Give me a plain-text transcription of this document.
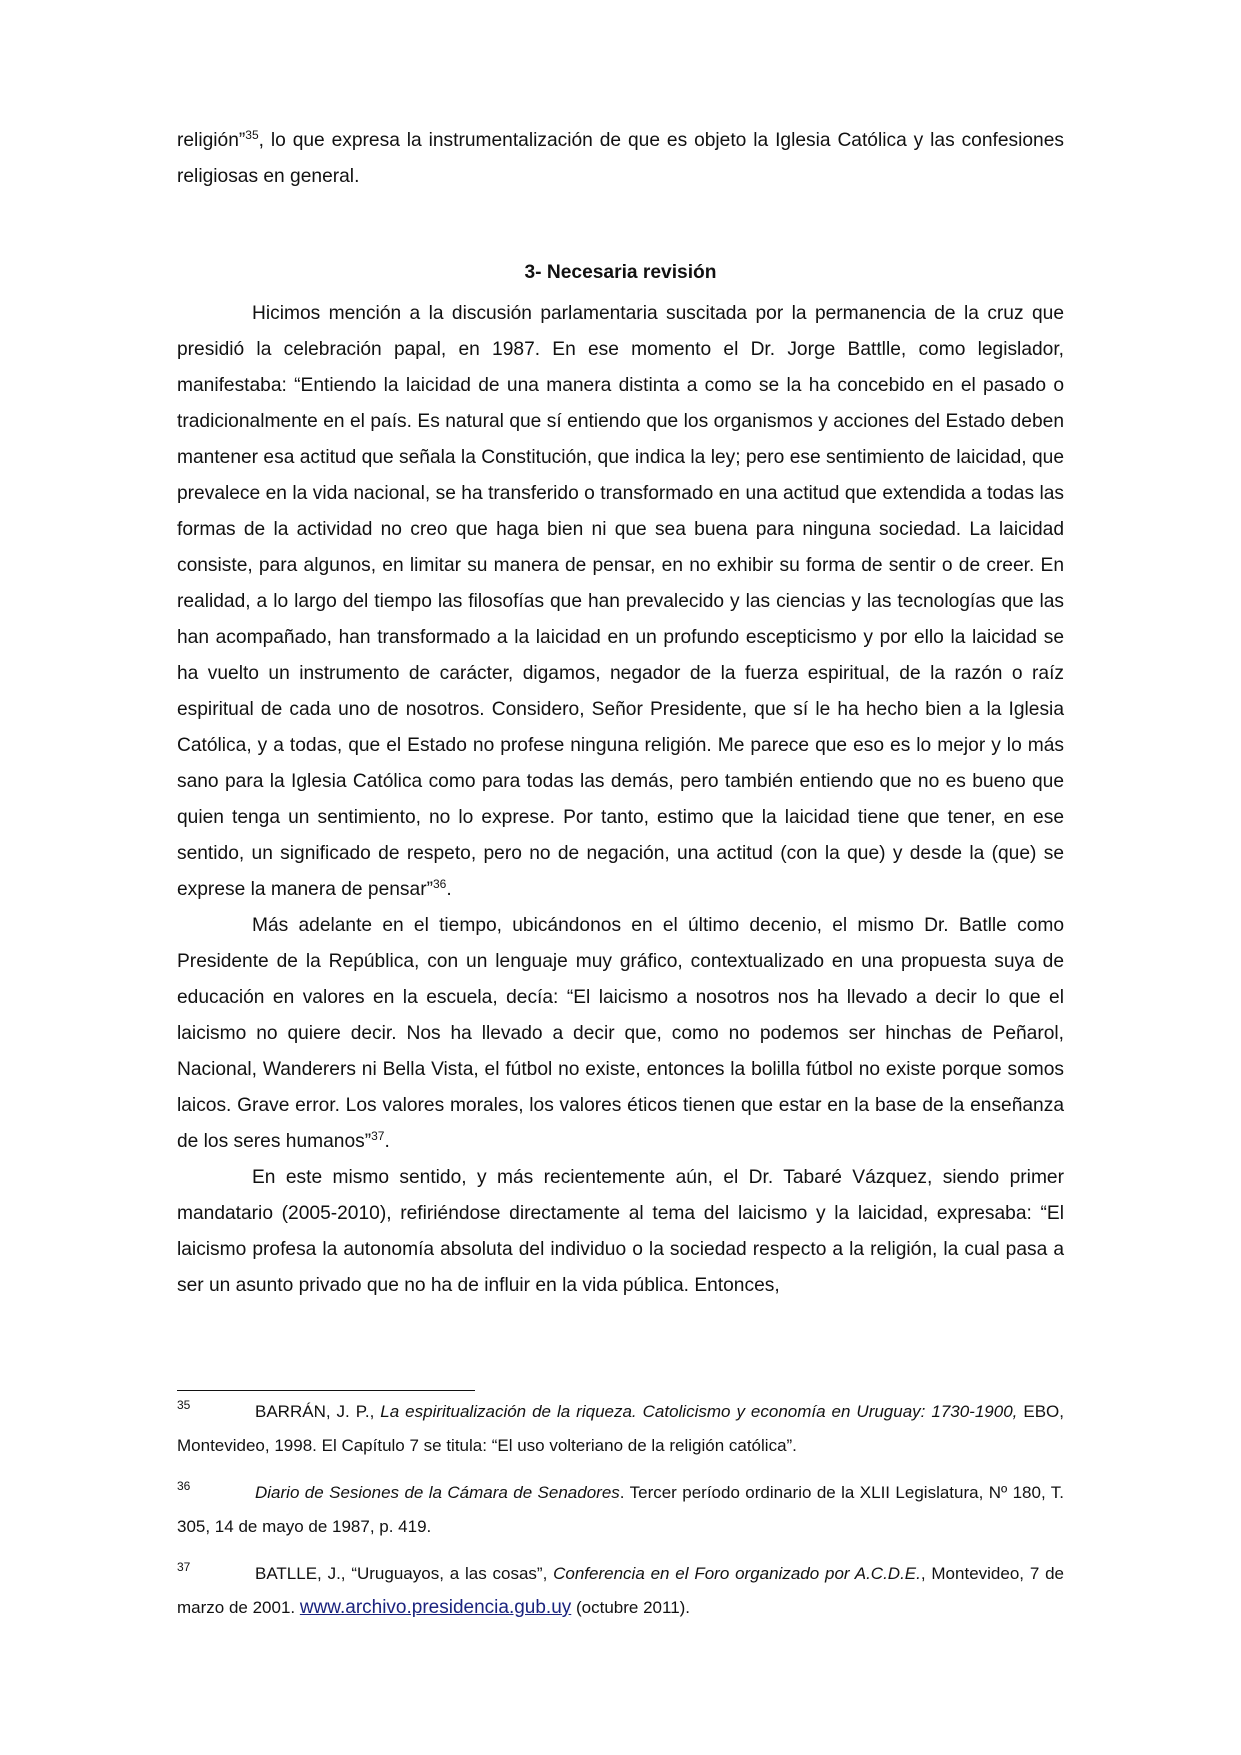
religión”$^{35}$, lo que expresa la instrumentalización de que es objeto la Iglesia Católica y las confesiones religiosas en general.

3- Necesaria revisión

Hicimos mención a la discusión parlamentaria suscitada por la permanencia de la cruz que presidió la celebración papal, en 1987. En ese momento el Dr. Jorge Battlle, como legislador, manifestaba: “Entiendo la laicidad de una manera distinta a como se la ha concebido en el pasado o tradicionalmente en el país. Es natural que sí entiendo que los organismos y acciones del Estado deben mantener esa actitud que señala la Constitución, que indica la ley; pero ese sentimiento de laicidad, que prevalece en la vida nacional, se ha transferido o transformado en una actitud que extendida a todas las formas de la actividad no creo que haga bien ni que sea buena para ninguna sociedad. La laicidad consiste, para algunos, en limitar su manera de pensar, en no exhibir su forma de sentir o de creer. En realidad, a lo largo del tiempo las filosofías que han prevalecido y las ciencias y las tecnologías que las han acompañado, han transformado a la laicidad en un profundo escepticismo y por ello la laicidad se ha vuelto un instrumento de carácter, digamos, negador de la fuerza espiritual, de la razón o raíz espiritual de cada uno de nosotros. Considero, Señor Presidente, que sí le ha hecho bien a la Iglesia Católica, y a todas, que el Estado no profese ninguna religión. Me parece que eso es lo mejor y lo más sano para la Iglesia Católica como para todas las demás, pero también entiendo que no es bueno que quien tenga un sentimiento, no lo exprese. Por tanto, estimo que la laicidad tiene que tener, en ese sentido, un significado de respeto, pero no de negación, una actitud (con la que) y desde la (que) se exprese la manera de pensar”$^{36}$.

Más adelante en el tiempo, ubicándonos en el último decenio, el mismo Dr. Batlle como Presidente de la República, con un lenguaje muy gráfico, contextualizado en una propuesta suya de educación en valores en la escuela, decía: “El laicismo a nosotros nos ha llevado a decir lo que el laicismo no quiere decir. Nos ha llevado a decir que, como no podemos ser hinchas de Peñarol, Nacional, Wanderers ni Bella Vista, el fútbol no existe, entonces la bolilla fútbol no existe porque somos laicos. Grave error. Los valores morales, los valores éticos tienen que estar en la base de la enseñanza de los seres humanos”$^{37}$.

En este mismo sentido, y más recientemente aún, el Dr. Tabaré Vázquez, siendo primer mandatario (2005-2010), refiriéndose directamente al tema del laicismo y la laicidad, expresaba: “El laicismo profesa la autonomía absoluta del individuo o la sociedad respecto a la religión, la cual pasa a ser un asunto privado que no ha de influir en la vida pública. Entonces,

35	BARRÁN, J. P., La espiritualización de la riqueza. Catolicismo y economía en Uruguay: 1730-1900, EBO, Montevideo, 1998. El Capítulo 7 se titula: “El uso volteriano de la religión católica”.

36	Diario de Sesiones de la Cámara de Senadores. Tercer período ordinario de la XLII Legislatura, Nº 180, T. 305, 14 de mayo de 1987, p. 419.

37	BATLLE, J., “Uruguayos, a las cosas”, Conferencia en el Foro organizado por A.C.D.E., Montevideo, 7 de marzo de 2001. www.archivo.presidencia.gub.uy (octubre 2011).
